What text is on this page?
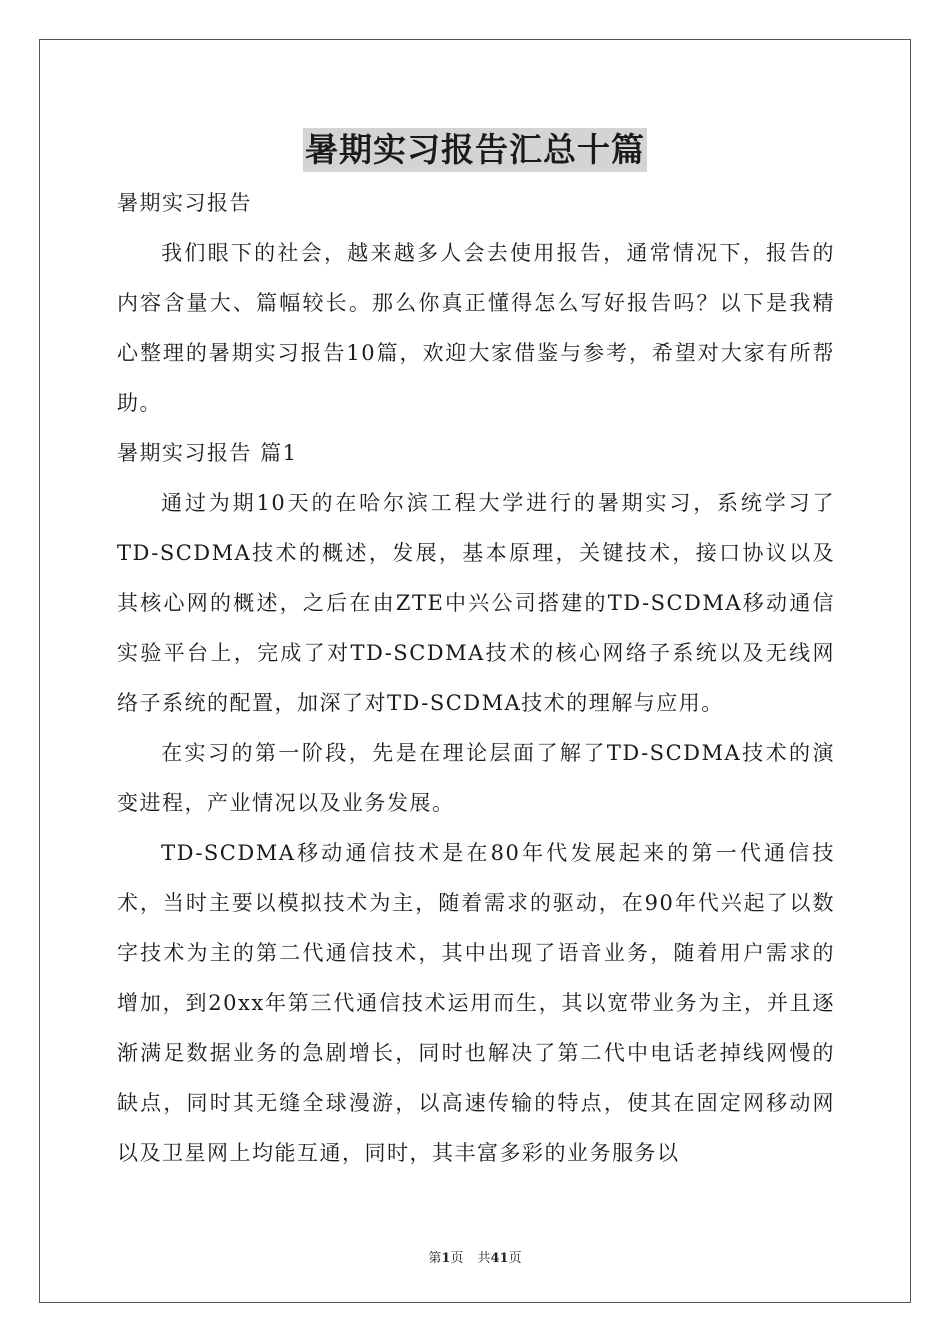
暑期实习报告汇总十篇

暑期实习报告

我们眼下的社会，越来越多人会去使用报告，通常情况下，报告的内容含量大、篇幅较长。那么你真正懂得怎么写好报告吗？以下是我精心整理的暑期实习报告10篇，欢迎大家借鉴与参考，希望对大家有所帮助。

暑期实习报告 篇1

通过为期10天的在哈尔滨工程大学进行的暑期实习，系统学习了TD-SCDMA技术的概述，发展，基本原理，关键技术，接口协议以及其核心网的概述，之后在由ZTE中兴公司搭建的TD-SCDMA移动通信实验平台上，完成了对TD-SCDMA技术的核心网络子系统以及无线网络子系统的配置，加深了对TD-SCDMA技术的理解与应用。

在实习的第一阶段，先是在理论层面了解了TD-SCDMA技术的演变进程，产业情况以及业务发展。

TD-SCDMA移动通信技术是在80年代发展起来的第一代通信技术，当时主要以模拟技术为主，随着需求的驱动，在90年代兴起了以数字技术为主的第二代通信技术，其中出现了语音业务，随着用户需求的增加，到20xx年第三代通信技术运用而生，其以宽带业务为主，并且逐渐满足数据业务的急剧增长，同时也解决了第二代中电话老掉线网慢的缺点，同时其无缝全球漫游，以高速传输的特点，使其在固定网移动网以及卫星网上均能互通，同时，其丰富多彩的业务服务以

第1页 共41页
